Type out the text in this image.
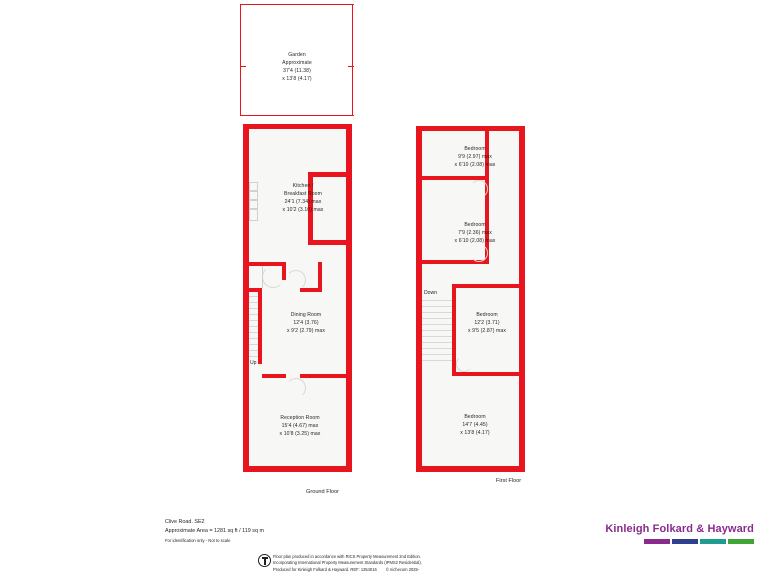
Garden
Approximate
37'4 (11.38)
x 13'8 (4.17)
Kitchen /
Breakfast Room
24'1 (7.34) max
x 10'2 (3.10) max
Up
Dining Room
12'4 (3.76)
x 9'2 (2.79) max
Reception Room
15'4 (4.67) max
x 10'8 (3.25) max
Ground Floor
Bedroom
9'9 (2.97) max
x 6'10 (2.08) max
Bedroom
7'9 (2.36) max
x 6'10 (2.08) max
Down
Bedroom
12'2 (3.71)
x 9'5 (2.87) max
Bedroom
14'7 (4.45)
x 13'8 (4.17)
First Floor
Clive Road. SE2
Approximate Area = 1281 sq ft / 119 sq m
For identification only - Not to scale
Kinleigh Folkard & Hayward
Floor plan produced in accordance with RICS Property Measurement 2nd Edition.
Incorporating International Property Measurement Standards (IPMS2 Residential).
Produced for Kinleigh Folkard & Hayward. REF: 1354016 © nichecom 2025-
